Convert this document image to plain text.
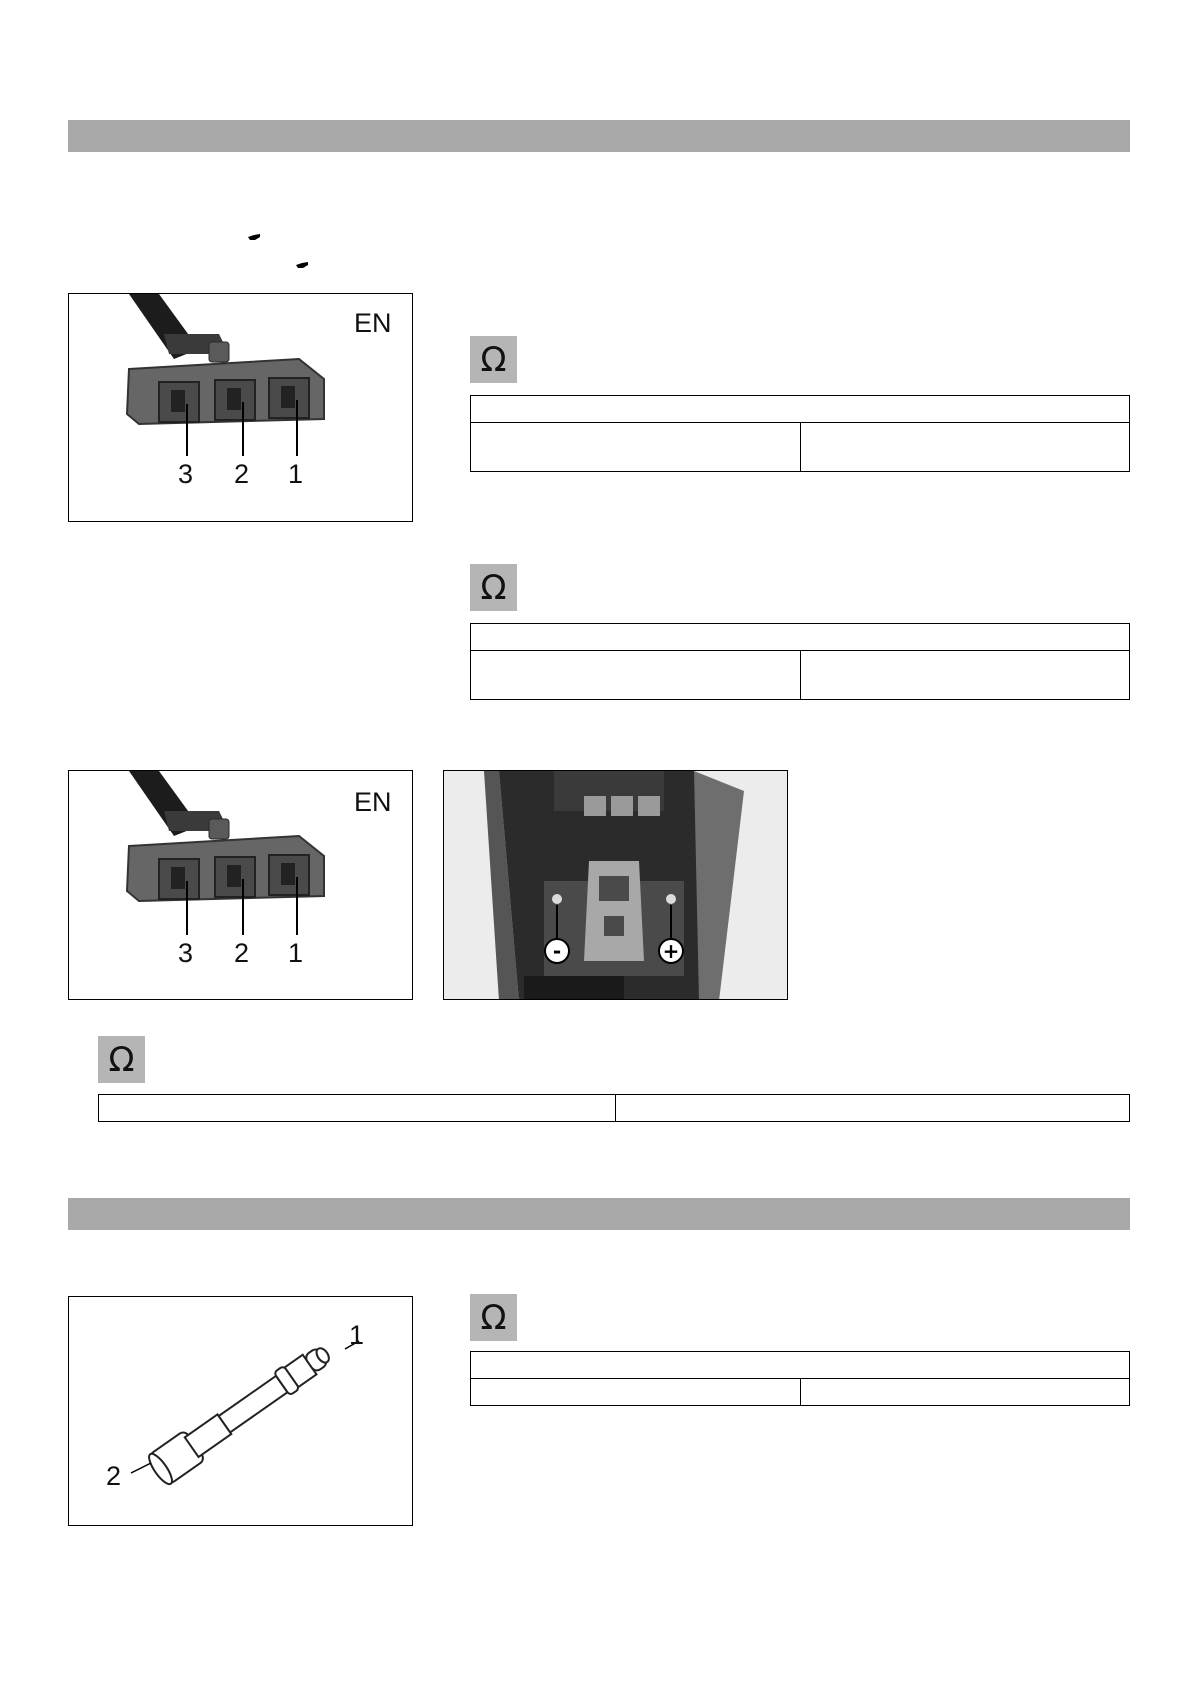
EN
3 2 1
Ω

Ω

EN
3 2 1	-	+
Ω

1
2
Ω
